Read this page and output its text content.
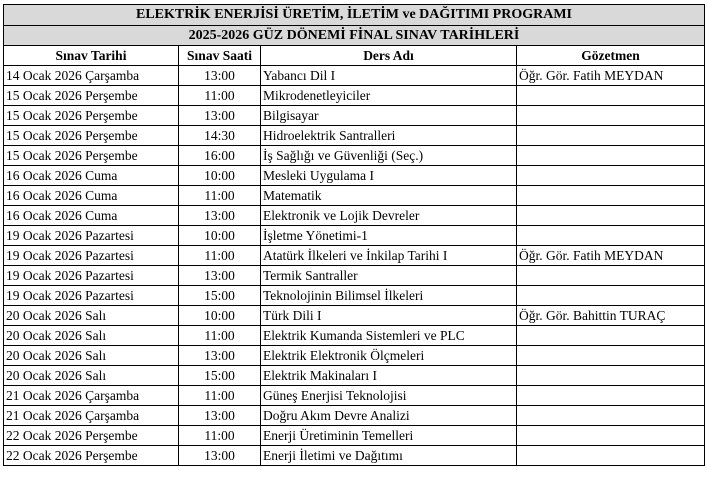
ELEKTRİK ENERJİSİ ÜRETİM, İLETİM ve DAĞITIMI PROGRAMI			
2025-2026 GÜZ DÖNEMİ FİNAL SINAV TARİHLERİ			
Sınav Tarihi	Sınav Saati	Ders Adı	Gözetmen
14 Ocak 2026 Çarşamba	13:00	Yabancı Dil I	Öğr. Gör. Fatih MEYDAN
15 Ocak 2026 Perşembe	11:00	Mikrodenetleyiciler	
15 Ocak 2026 Perşembe	13:00	Bilgisayar	
15 Ocak 2026 Perşembe	14:30	Hidroelektrik Santralleri	
15 Ocak 2026 Perşembe	16:00	İş Sağlığı ve Güvenliği (Seç.)	
16 Ocak 2026 Cuma	10:00	Mesleki Uygulama I	
16 Ocak 2026 Cuma	11:00	Matematik	
16 Ocak 2026 Cuma	13:00	Elektronik ve Lojik Devreler	
19 Ocak 2026 Pazartesi	10:00	İşletme Yönetimi-1	
19 Ocak 2026 Pazartesi	11:00	Atatürk İlkeleri ve İnkilap Tarihi I	Öğr. Gör. Fatih MEYDAN
19 Ocak 2026 Pazartesi	13:00	Termik Santraller	
19 Ocak 2026 Pazartesi	15:00	Teknolojinin Bilimsel İlkeleri	
20 Ocak 2026 Salı	10:00	Türk Dili I	Öğr. Gör. Bahittin TURAÇ
20 Ocak 2026 Salı	11:00	Elektrik Kumanda Sistemleri ve PLC	
20 Ocak 2026 Salı	13:00	Elektrik Elektronik Ölçmeleri	
20 Ocak 2026 Salı	15:00	Elektrik Makinaları I	
21 Ocak 2026 Çarşamba	11:00	Güneş Enerjisi Teknolojisi	
21 Ocak 2026 Çarşamba	13:00	Doğru Akım Devre Analizi	
22 Ocak 2026 Perşembe	11:00	Enerji Üretiminin Temelleri	
22 Ocak 2026 Perşembe	13:00	Enerji İletimi ve Dağıtımı	
